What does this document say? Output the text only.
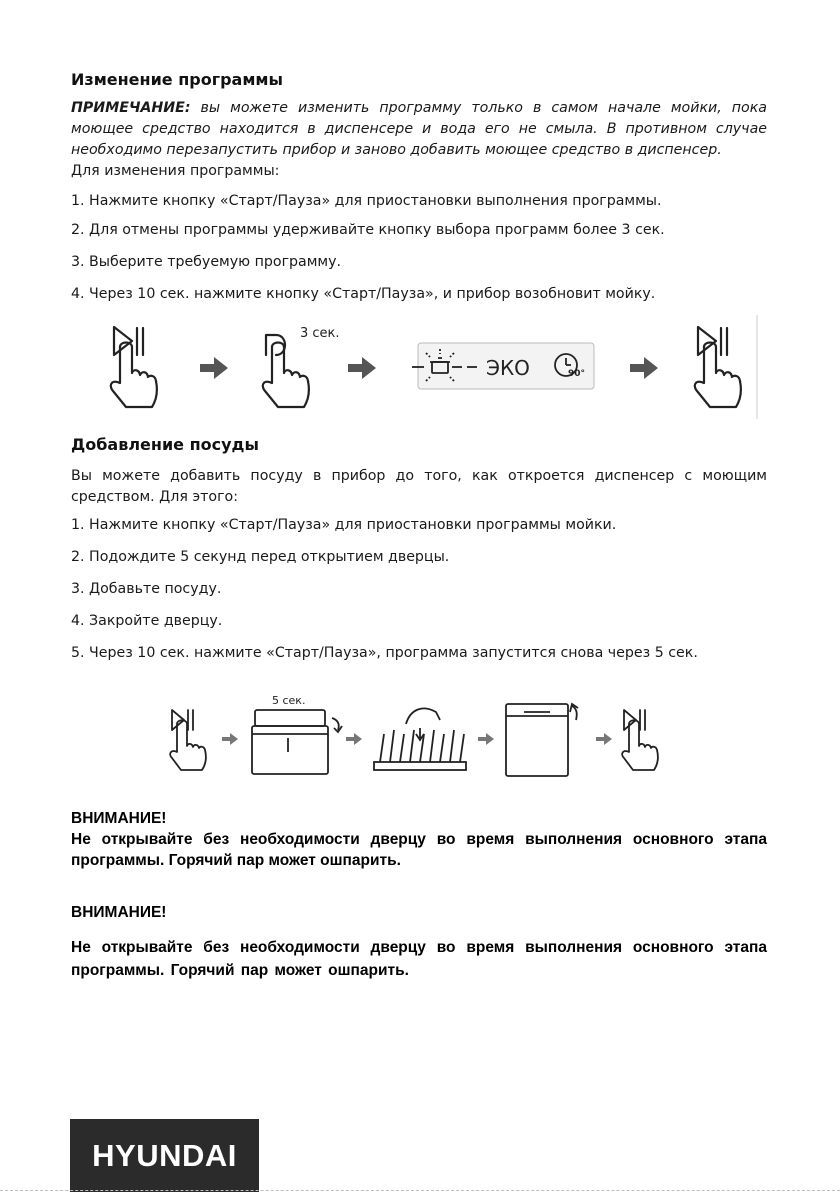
Изменение программы

ПРИМЕЧАНИЕ: вы можете изменить программу только в самом начале мойки, пока моющее средство находится в диспенсере и вода его не смыла. В противном случае необходимо перезапустить прибор и заново добавить моющее средство в диспенсер.

Для изменения программы:

1. Нажмите кнопку «Старт/Пауза» для приостановки выполнения программы.

2. Для отмены программы удерживайте кнопку выбора программ более 3 сек.

3. Выберите требуемую программу.

4. Через 10 сек. нажмите кнопку «Старт/Пауза», и прибор возобновит мойку.

3 сек.
ЭКО	90°
Добавление посуды

Вы можете добавить посуду в прибор до того, как откроется диспенсер с моющим средством. Для этого:

1. Нажмите кнопку «Старт/Пауза» для приостановки программы мойки.

2. Подождите 5 секунд перед открытием дверцы.

3. Добавьте посуду.

4. Закройте дверцу.

5. Через 10 сек. нажмите «Старт/Пауза», программа запустится снова через 5 сек.

5 сек.
ВНИМАНИЕ!

Не открывайте без необходимости дверцу во время выполнения основного этапа программы. Горячий пар может ошпарить.

ВНИМАНИЕ!

Не открывайте без необходимости дверцу во время выполнения основного этапа программы. Горячий пар может ошпарить.

HYUNDAI
